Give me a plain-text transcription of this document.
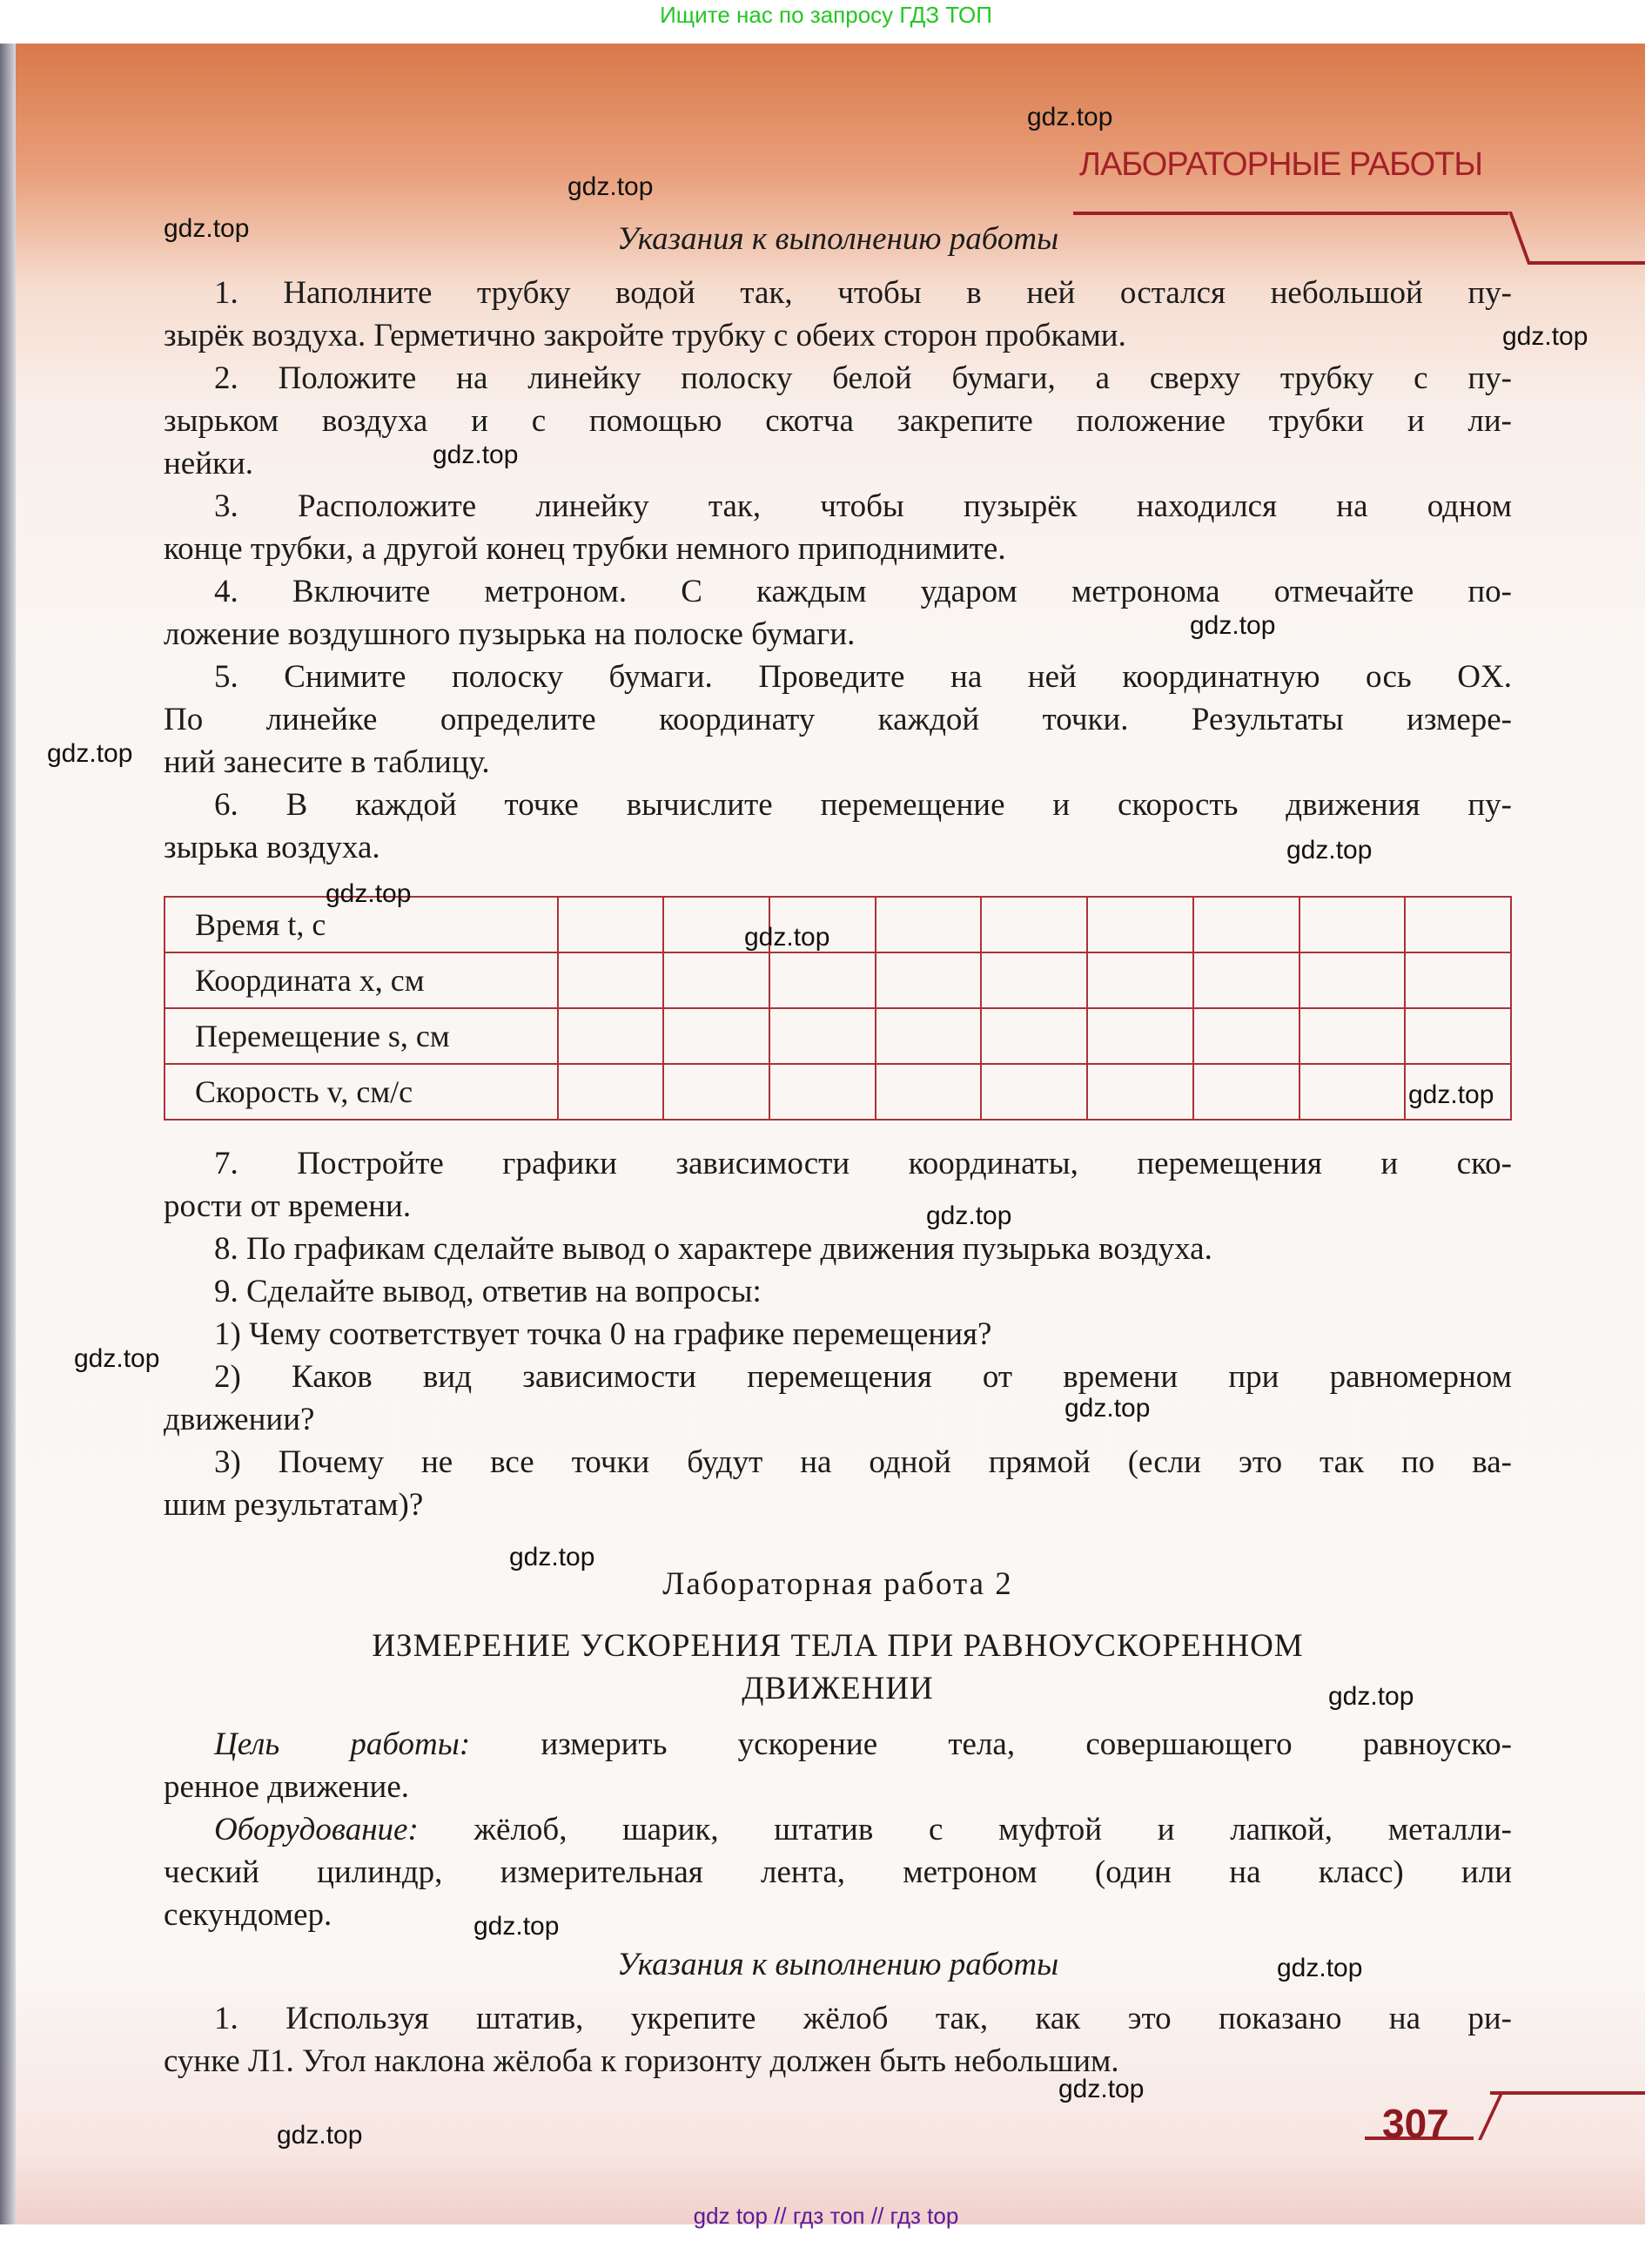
Ищите нас по запросу ГДЗ ТОП
ЛАБОРАТОРНЫЕ РАБОТЫ
Указания к выполнению работы
1. Наполните трубку водой так, чтобы в ней остался небольшой пу-
зырёк воздуха. Герметично закройте трубку с обеих сторон пробками.
2. Положите на линейку полоску белой бумаги, а сверху трубку с пу-
зырьком воздуха и с помощью скотча закрепите положение трубки и ли-
нейки.
3. Расположите линейку так, чтобы пузырёк находился на одном
конце трубки, а другой конец трубки немного приподнимите.
4. Включите метроном. С каждым ударом метронома отмечайте по-
ложение воздушного пузырька на полоске бумаги.
5. Снимите полоску бумаги. Проведите на ней координатную ось OX.
По линейке определите координату каждой точки. Результаты измере-
ний занесите в таблицу.
6. В каждой точке вычислите перемещение и скорость движения пу-
зырька воздуха.
Время t, с									
Координата x, см									
Перемещение s, см									
Скорость v, см/с									
7. Постройте графики зависимости координаты, перемещения и ско-
рости от времени.
8. По графикам сделайте вывод о характере движения пузырька воздуха.
9. Сделайте вывод, ответив на вопросы:
1) Чему соответствует точка 0 на графике перемещения?
2) Каков вид зависимости перемещения от времени при равномерном
движении?
3) Почему не все точки будут на одной прямой (если это так по ва-
шим результатам)?
Лабораторная работа 2
ИЗМЕРЕНИЕ УСКОРЕНИЯ ТЕЛА ПРИ РАВНОУСКОРЕННОМ
ДВИЖЕНИИ
Цель работы: измерить ускорение тела, совершающего равноуско-
ренное движение.
Оборудование: жёлоб, шарик, штатив с муфтой и лапкой, металли-
ческий цилиндр, измерительная лента, метроном (один на класс) или
секундомер.
Указания к выполнению работы
1. Используя штатив, укрепите жёлоб так, как это показано на ри-
сунке Л1. Угол наклона жёлоба к горизонту должен быть небольшим.
307
gdz.top
gdz.top
gdz.top
gdz.top
gdz.top
gdz.top
gdz.top
gdz.top
gdz.top
gdz.top
gdz.top
gdz.top
gdz.top
gdz.top
gdz.top
gdz.top
gdz.top
gdz.top
gdz.top
gdz.top
gdz top // гдз топ // гдз top
